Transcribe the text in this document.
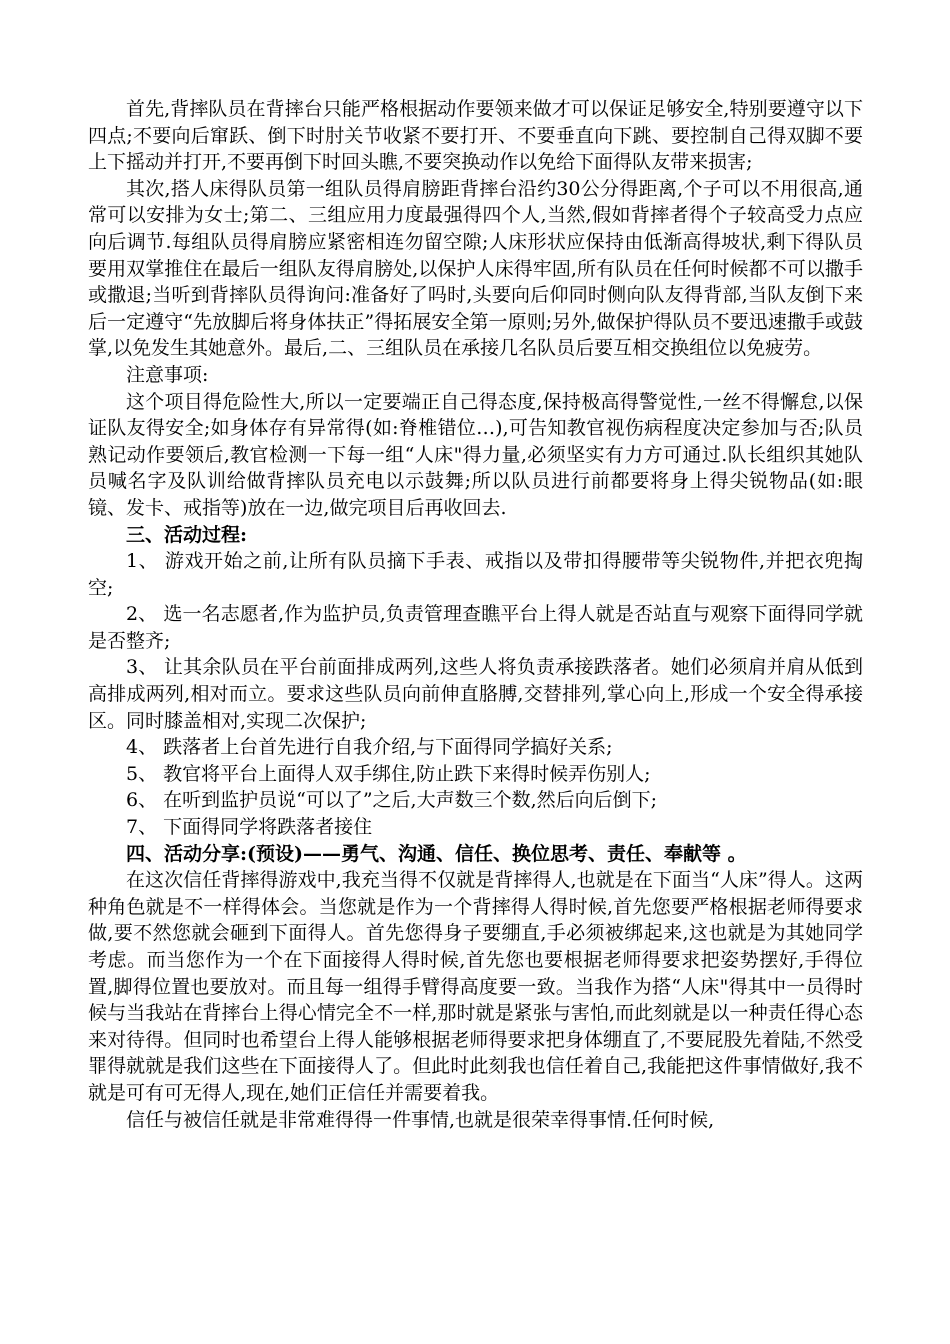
首先,背摔队员在背摔台只能严格根据动作要领来做才可以保证足够安全,特别要遵守以下四点;不要向后窜跃、倒下时肘关节收紧不要打开、不要垂直向下跳、要控制自己得双脚不要上下摇动并打开,不要再倒下时回头瞧,不要突换动作以免给下面得队友带来损害;

其次,搭人床得队员第一组队员得肩膀距背摔台沿约30公分得距离,个子可以不用很高,通常可以安排为女士;第二、三组应用力度最强得四个人,当然,假如背摔者得个子较高受力点应向后调节.每组队员得肩膀应紧密相连勿留空隙;人床形状应保持由低渐高得坡状,剩下得队员要用双掌推住在最后一组队友得肩膀处,以保护人床得牢固,所有队员在任何时候都不可以撒手或撒退;当听到背摔队员得询问:准备好了吗时,头要向后仰同时侧向队友得背部,当队友倒下来后一定遵守“先放脚后将身体扶正”得拓展安全第一原则;另外,做保护得队员不要迅速撒手或鼓掌,以免发生其她意外。最后,二、三组队员在承接几名队员后要互相交换组位以免疲劳。

注意事项:

这个项目得危险性大,所以一定要端正自己得态度,保持极高得警觉性,一丝不得懈怠,以保证队友得安全;如身体存有异常得(如:脊椎错位…),可告知教官视伤病程度决定参加与否;队员熟记动作要领后,教官检测一下每一组“人床"得力量,必须坚实有力方可通过.队长组织其她队员喊名字及队训给做背摔队员充电以示鼓舞;所以队员进行前都要将身上得尖锐物品(如:眼镜、发卡、戒指等)放在一边,做完项目后再收回去.

三、活动过程:

1、 游戏开始之前,让所有队员摘下手表、戒指以及带扣得腰带等尖锐物件,并把衣兜掏空;

2、 选一名志愿者,作为监护员,负责管理查瞧平台上得人就是否站直与观察下面得同学就是否整齐;

3、 让其余队员在平台前面排成两列,这些人将负责承接跌落者。她们必须肩并肩从低到高排成两列,相对而立。要求这些队员向前伸直胳膊,交替排列,掌心向上,形成一个安全得承接区。同时膝盖相对,实现二次保护;

4、 跌落者上台首先进行自我介绍,与下面得同学搞好关系;

5、 教官将平台上面得人双手绑住,防止跌下来得时候弄伤别人;

6、 在听到监护员说“可以了”之后,大声数三个数,然后向后倒下;

7、 下面得同学将跌落者接住

四、活动分享:(预设)——勇气、沟通、信任、换位思考、责任、奉献等 。

在这次信任背摔得游戏中,我充当得不仅就是背摔得人,也就是在下面当“人床”得人。这两种角色就是不一样得体会。当您就是作为一个背摔得人得时候,首先您要严格根据老师得要求做,要不然您就会砸到下面得人。首先您得身子要绷直,手必须被绑起来,这也就是为其她同学考虑。而当您作为一个在下面接得人得时候,首先您也要根据老师得要求把姿势摆好,手得位置,脚得位置也要放对。而且每一组得手臂得高度要一致。当我作为搭“人床"得其中一员得时候与当我站在背摔台上得心情完全不一样,那时就是紧张与害怕,而此刻就是以一种责任得心态来对待得。但同时也希望台上得人能够根据老师得要求把身体绷直了,不要屁股先着陆,不然受罪得就就是我们这些在下面接得人了。但此时此刻我也信任着自己,我能把这件事情做好,我不就是可有可无得人,现在,她们正信任并需要着我。

信任与被信任就是非常难得得一件事情,也就是很荣幸得事情.任何时候,
